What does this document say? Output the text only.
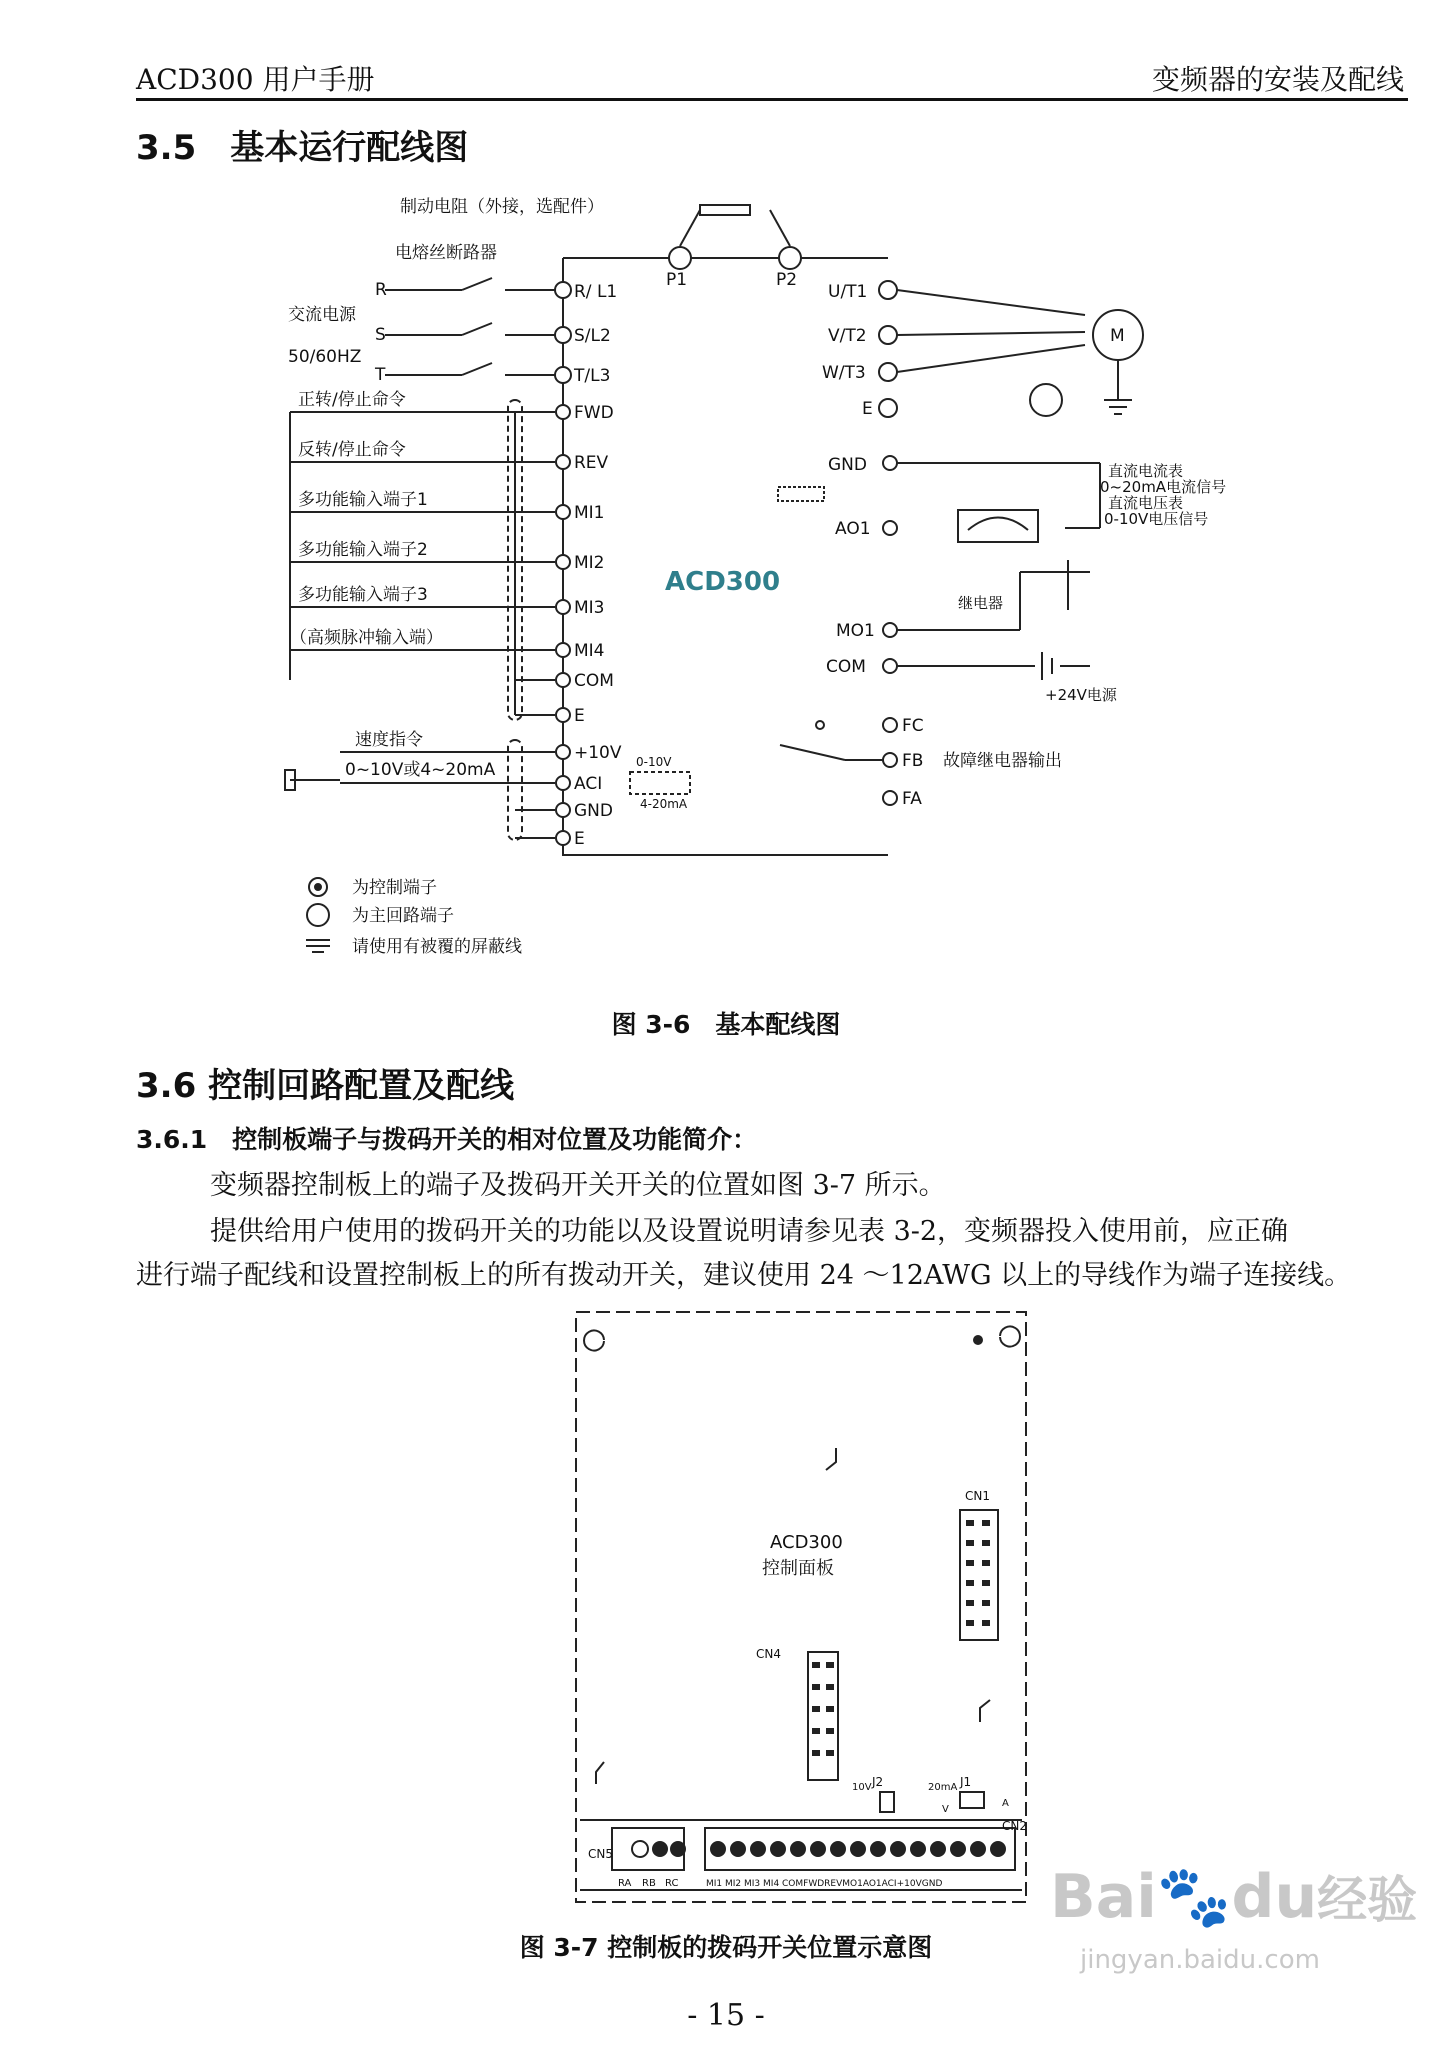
ACD300 用户手册	变频器的安装及配线
3.5　基本运行配线图
制动电阻（外接，选配件）
电熔丝断路器
交流电源
50/60HZ
R
S
T
P1	P2
R/ L1
S/L2
T/L3
U/T1
V/T2
W/T3
E
M
正转/停止命令
反转/停止命令
多功能输入端子1
多功能输入端子2
多功能输入端子3
（高频脉冲输入端）
FWD
REV
MI1
MI2
MI3
MI4
COM
E
速度指令
0~10V或4~20mA
+10V
ACI
GND
E
0-10V
4-20mA
GND
AO1
直流电流表
0~20mA电流信号
直流电压表
0-10V电压信号
MO1
继电器
COM
+24V电源
FC
FB
FA
故障继电器输出
为控制端子
为主回路端子
请使用有被覆的屏蔽线
ACD300
图 3-6　基本配线图
3.6 控制回路配置及配线
3.6.1　控制板端子与拨码开关的相对位置及功能简介：
变频器控制板上的端子及拨码开关开关的位置如图 3-7 所示。
提供给用户使用的拨码开关的功能以及设置说明请参见表 3-2，变频器投入使用前，应正确
进行端子配线和设置控制板上的所有拨动开关，建议使用 24 ～12AWG 以上的导线作为端子连接线。
ACD300
控制面板
CN1
CN4
J2	J1
10V	20mA
V
A
CN5
CN2
RA RB RC	MI1 MI2 MI3 MI4 COMFWDREVMO1AO1ACI+10VGND
图 3-7 控制板的拨码开关位置示意图
- 15 -
Bai🐾du经验
jingyan.baidu.com
